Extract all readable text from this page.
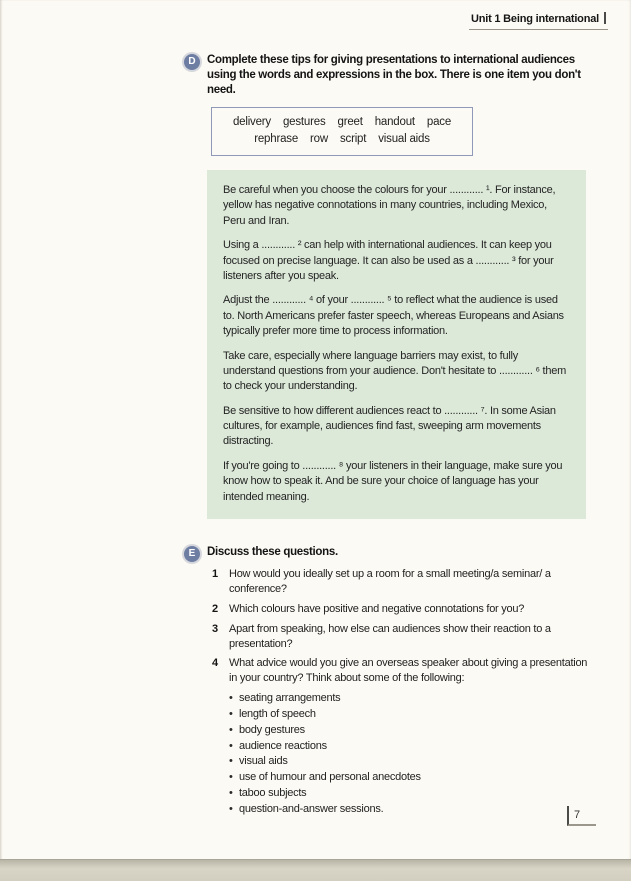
Unit 1 Being international
D Complete these tips for giving presentations to international audiences using the words and expressions in the box. There is one item you don't need.

delivery gestures greet handout pace
rephrase row script visual aids

Be careful when you choose the colours for your ............ ¹. For instance, yellow has negative connotations in many countries, including Mexico, Peru and Iran.

Using a ............ ² can help with international audiences. It can keep you focused on precise language. It can also be used as a ............ ³ for your listeners after you speak.

Adjust the ............ ⁴ of your ............ ⁵ to reflect what the audience is used to. North Americans prefer faster speech, whereas Europeans and Asians typically prefer more time to process information.

Take care, especially where language barriers may exist, to fully understand questions from your audience. Don't hesitate to ............ ⁶ them to check your understanding.

Be sensitive to how different audiences react to ............ ⁷. In some Asian cultures, for example, audiences find fast, sweeping arm movements distracting.

If you're going to ............ ⁸ your listeners in their language, make sure you know how to speak it. And be sure your choice of language has your intended meaning.

E	Discuss these questions.

1	How would you ideally set up a room for a small meeting/a seminar/ a conference?
2	Which colours have positive and negative connotations for you?
3	Apart from speaking, how else can audiences show their reaction to a presentation?
4	What advice would you give an overseas speaker about giving a presentation in your country? Think about some of the following:
• seating arrangements
• length of speech
• body gestures
• audience reactions
• visual aids
• use of humour and personal anecdotes
• taboo subjects
• question-and-answer sessions.
7
